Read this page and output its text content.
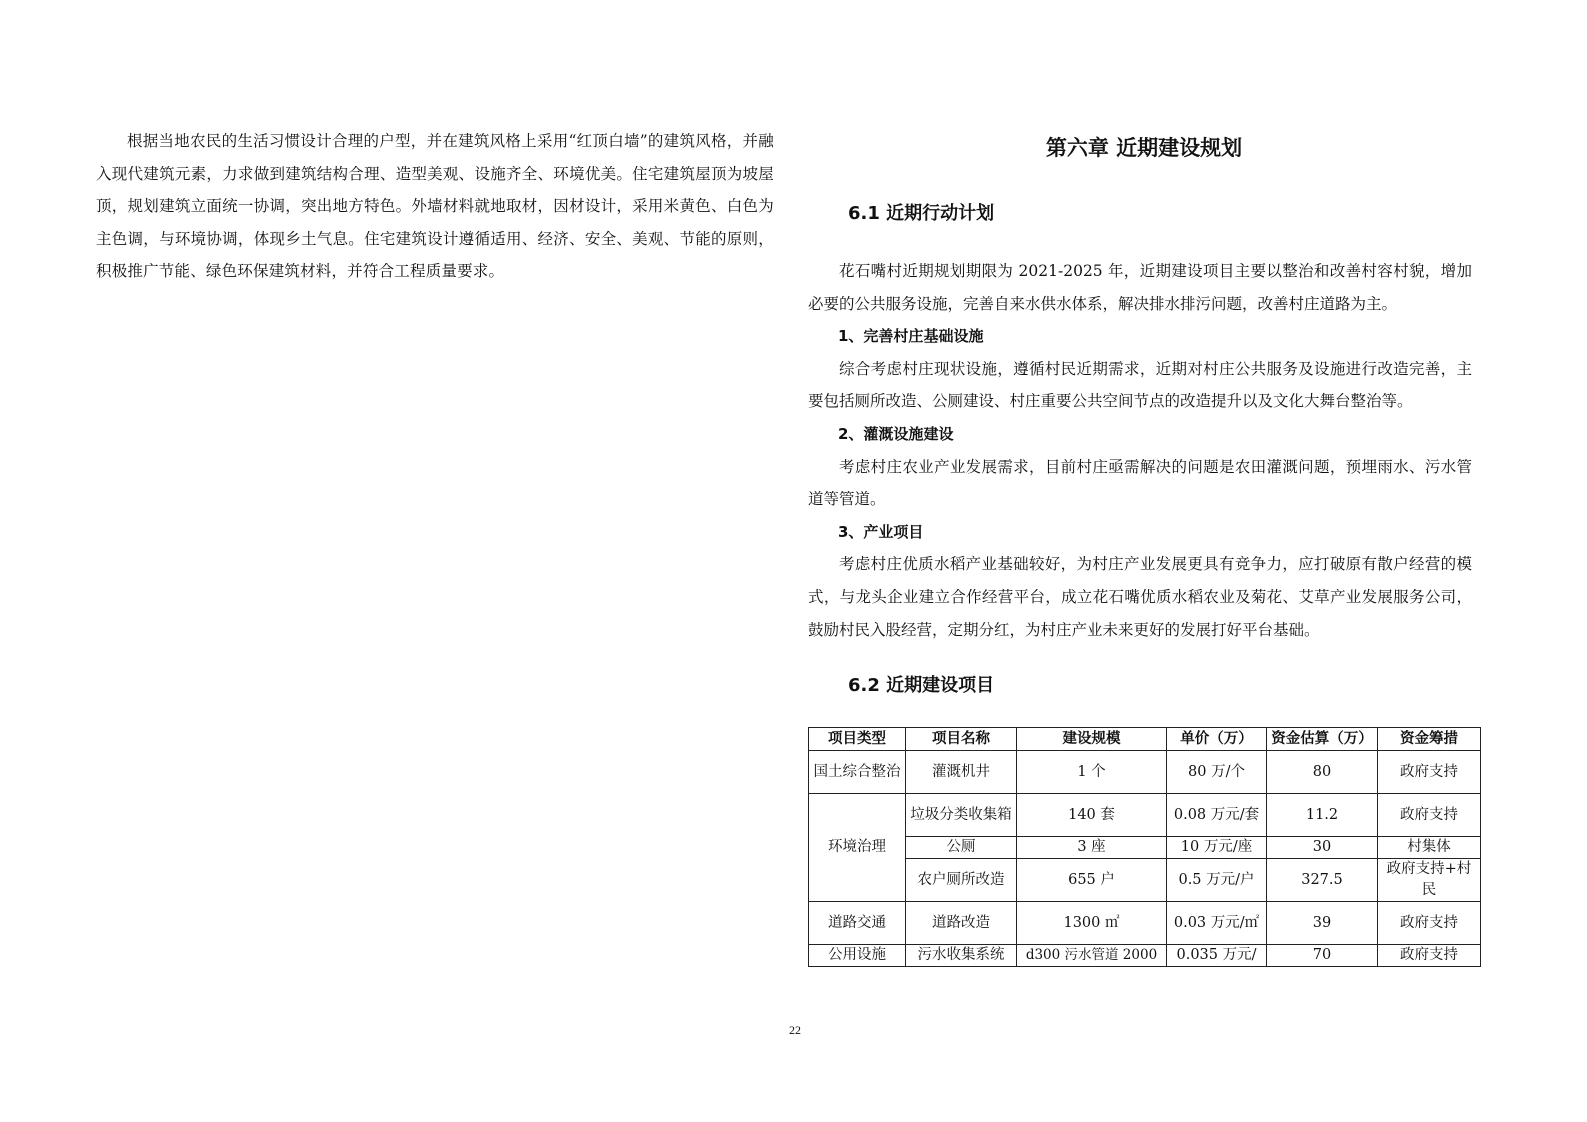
根据当地农民的生活习惯设计合理的户型，并在建筑风格上采用“红顶白墙”的建筑风格，并融入现代建筑元素，力求做到建筑结构合理、造型美观、设施齐全、环境优美。住宅建筑屋顶为坡屋顶，规划建筑立面统一协调，突出地方特色。外墙材料就地取材，因材设计，采用米黄色、白色为主色调，与环境协调，体现乡土气息。住宅建筑设计遵循适用、经济、安全、美观、节能的原则，积极推广节能、绿色环保建筑材料，并符合工程质量要求。

第六章 近期建设规划
6.1 近期行动计划

花石嘴村近期规划期限为 2021-2025 年，近期建设项目主要以整治和改善村容村貌，增加必要的公共服务设施，完善自来水供水体系，解决排水排污问题，改善村庄道路为主。

1、完善村庄基础设施

综合考虑村庄现状设施，遵循村民近期需求，近期对村庄公共服务及设施进行改造完善，主要包括厕所改造、公厕建设、村庄重要公共空间节点的改造提升以及文化大舞台整治等。

2、灌溉设施建设

考虑村庄农业产业发展需求，目前村庄亟需解决的问题是农田灌溉问题，预埋雨水、污水管道等管道。

3、产业项目

考虑村庄优质水稻产业基础较好，为村庄产业发展更具有竞争力，应打破原有散户经营的模式，与龙头企业建立合作经营平台，成立花石嘴优质水稻农业及菊花、艾草产业发展服务公司，鼓励村民入股经营，定期分红，为村庄产业未来更好的发展打好平台基础。

6.2 近期建设项目
项目类型	项目名称	建设规模	单价（万）	资金估算（万）	资金筹措
国土综合整治	灌溉机井	1 个	80 万/个	80	政府支持
环境治理	垃圾分类收集箱	140 套	0.08 万元/套	11.2	政府支持
	公厕	3 座	10 万元/座	30	村集体
	农户厕所改造	655 户	0.5 万元/户	327.5	政府支持+村民
道路交通	道路改造	1300 ㎡	0.03 万元/㎡	39	政府支持
公用设施	污水收集系统	d300 污水管道 2000	0.035 万元/	70	政府支持
22
